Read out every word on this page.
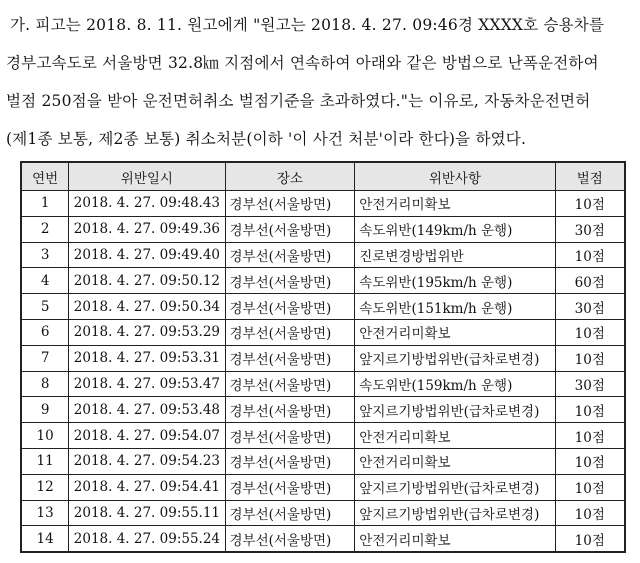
가. 피고는 2018. 8. 11. 원고에게 "원고는 2018. 4. 27. 09:46경 XXXX호 승용차를
경부고속도로 서울방면 32.8㎞ 지점에서 연속하여 아래와 같은 방법으로 난폭운전하여
벌점 250점을 받아 운전면허취소 벌점기준을 초과하였다."는 이유로, 자동차운전면허
(제1종 보통, 제2종 보통) 취소처분(이하 '이 사건 처분'이라 한다)을 하였다.
연번	위반일시	장소	위반사항	벌점
1	2018. 4. 27. 09:48.43	경부선(서울방면)	안전거리미확보	10점
2	2018. 4. 27. 09:49.36	경부선(서울방면)	속도위반(149km/h 운행)	30점
3	2018. 4. 27. 09:49.40	경부선(서울방면)	진로변경방법위반	10점
4	2018. 4. 27. 09:50.12	경부선(서울방면)	속도위반(195km/h 운행)	60점
5	2018. 4. 27. 09:50.34	경부선(서울방면)	속도위반(151km/h 운행)	30점
6	2018. 4. 27. 09:53.29	경부선(서울방면)	안전거리미확보	10점
7	2018. 4. 27. 09:53.31	경부선(서울방면)	앞지르기방법위반(급차로변경)	10점
8	2018. 4. 27. 09:53.47	경부선(서울방면)	속도위반(159km/h 운행)	30점
9	2018. 4. 27. 09:53.48	경부선(서울방면)	앞지르기방법위반(급차로변경)	10점
10	2018. 4. 27. 09:54.07	경부선(서울방면)	안전거리미확보	10점
11	2018. 4. 27. 09:54.23	경부선(서울방면)	안전거리미확보	10점
12	2018. 4. 27. 09:54.41	경부선(서울방면)	앞지르기방법위반(급차로변경)	10점
13	2018. 4. 27. 09:55.11	경부선(서울방면)	앞지르기방법위반(급차로변경)	10점
14	2018. 4. 27. 09:55.24	경부선(서울방면)	안전거리미확보	10점
